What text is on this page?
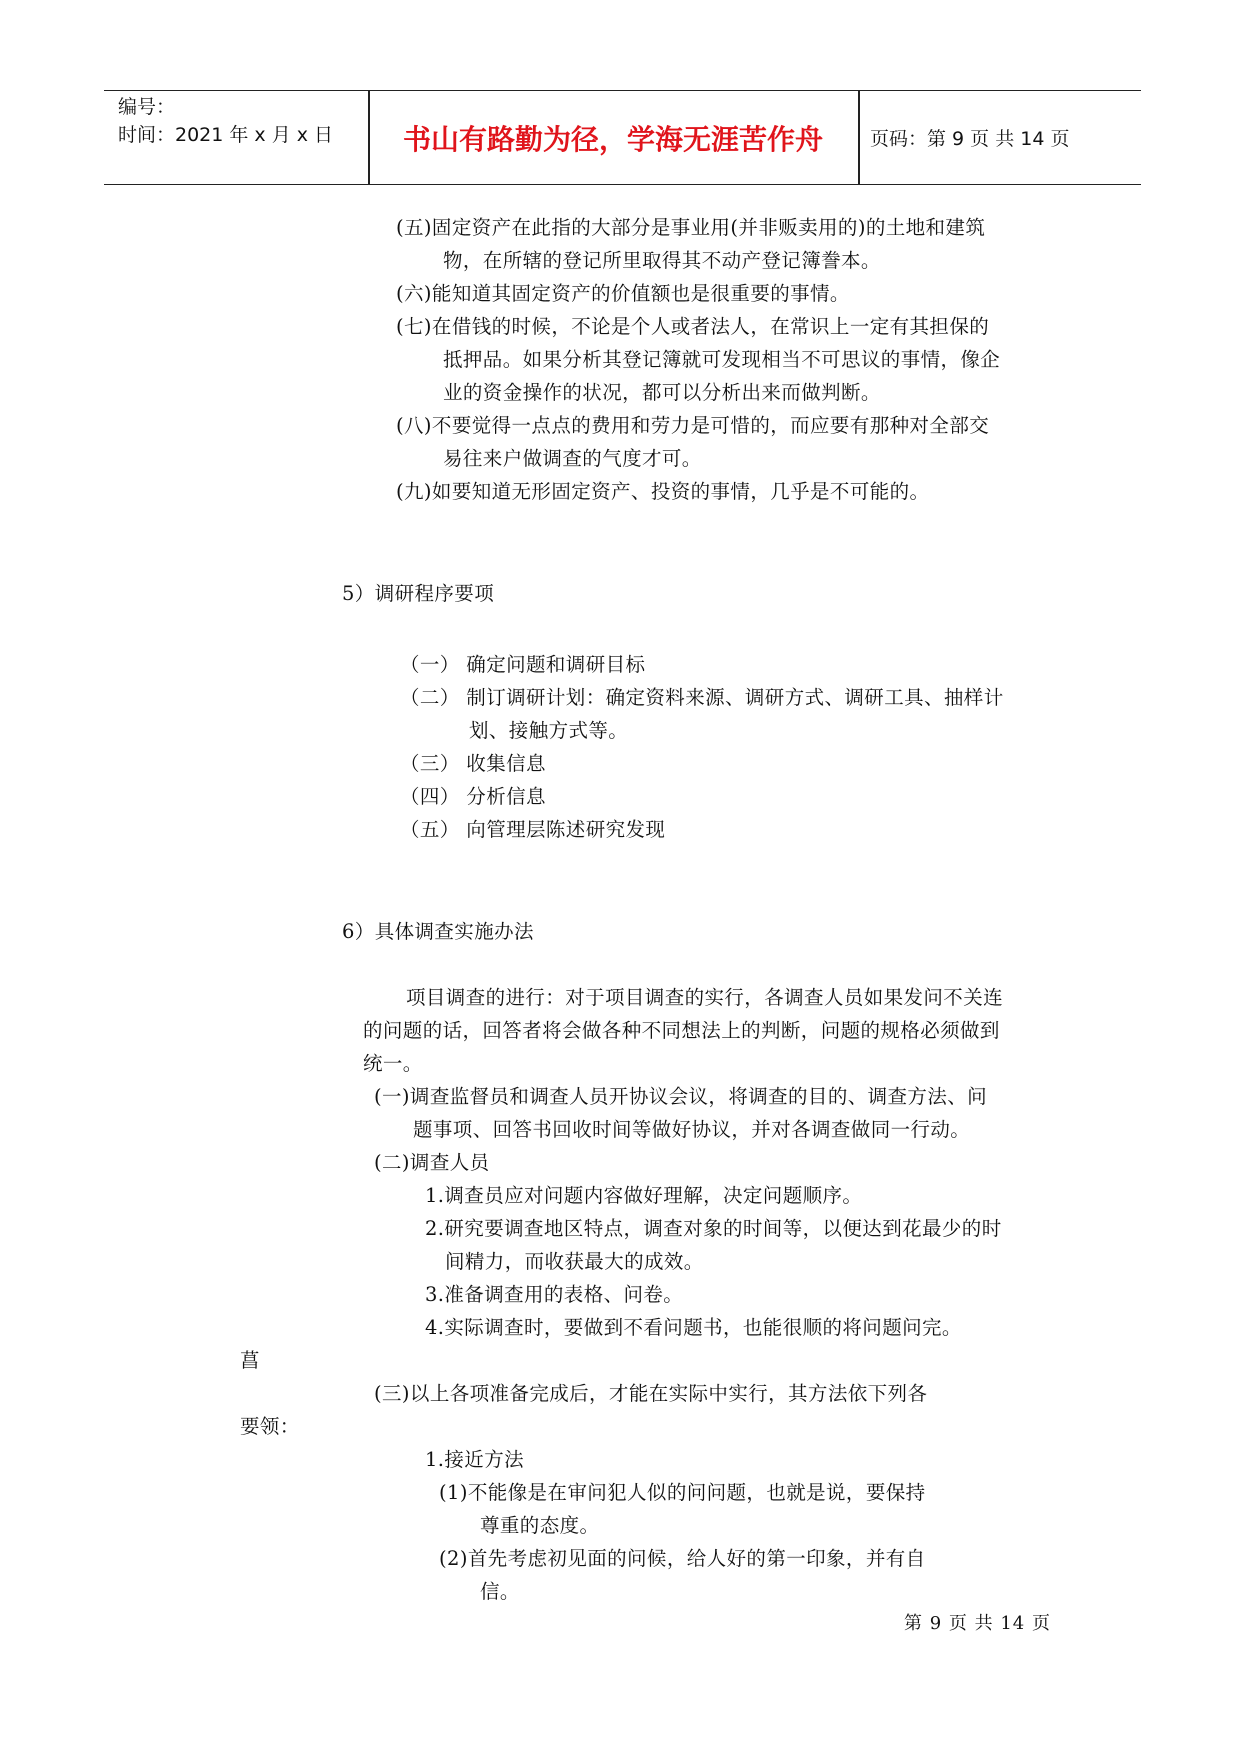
编号：
时间：2021 年 x 月 x 日	书山有路勤为径，学海无涯苦作舟	页码：第 9 页 共 14 页
(五)固定资产在此指的大部分是事业用(并非贩卖用的)的土地和建筑
物，在所辖的登记所里取得其不动产登记簿誊本。
(六)能知道其固定资产的价值额也是很重要的事情。
(七)在借钱的时候，不论是个人或者法人，在常识上一定有其担保的
抵押品。如果分析其登记簿就可发现相当不可思议的事情，像企
业的资金操作的状况，都可以分析出来而做判断。
(八)不要觉得一点点的费用和劳力是可惜的，而应要有那种对全部交
易往来户做调查的气度才可。
(九)如要知道无形固定资产、投资的事情，几乎是不可能的。
5）调研程序要项
（一） 确定问题和调研目标
（二） 制订调研计划：确定资料来源、调研方式、调研工具、抽样计
划、接触方式等。
（三） 收集信息
（四） 分析信息
（五） 向管理层陈述研究发现
6）具体调查实施办法
项目调查的进行：对于项目调查的实行，各调查人员如果发问不关连
的问题的话，回答者将会做各种不同想法上的判断，问题的规格必须做到
统一。
(一)调查监督员和调查人员开协议会议，将调查的目的、调查方法、问
题事项、回答书回收时间等做好协议，并对各调查做同一行动。
(二)调查人员
1.调查员应对问题内容做好理解，决定问题顺序。
2.研究要调查地区特点，调查对象的时间等，以便达到花最少的时
间精力，而收获最大的成效。
3.准备调查用的表格、问卷。
4.实际调查时，要做到不看问题书，也能很顺的将问题问完。
菖
(三)以上各项准备完成后，才能在实际中实行，其方法依下列各
要领：
1.接近方法
(1)不能像是在审问犯人似的问问题，也就是说，要保持
尊重的态度。
(2)首先考虑初见面的问候，给人好的第一印象，并有自
信。
第 9 页 共 14 页
